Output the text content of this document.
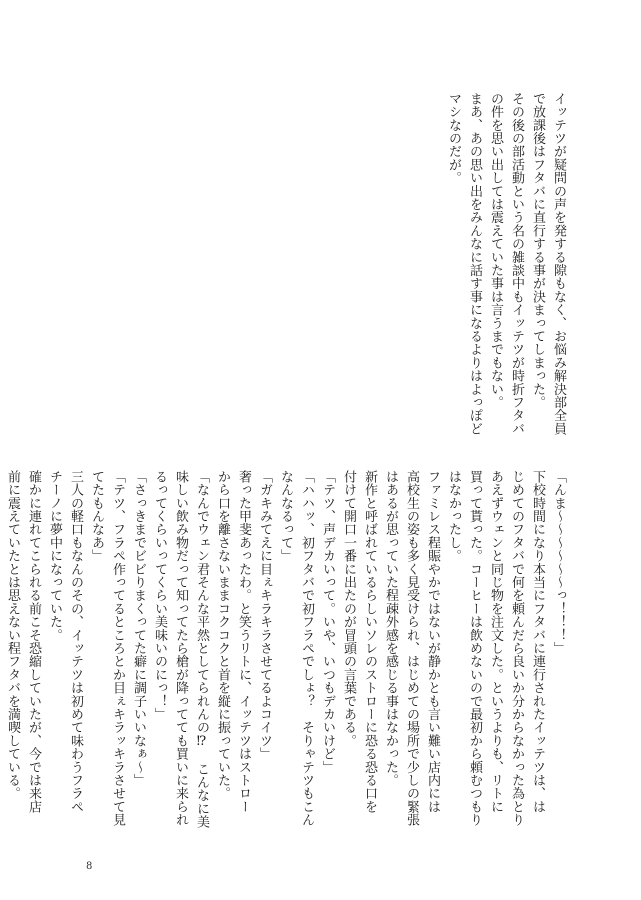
イッテツが疑問の声を発する隙もなく、お悩み解決部全員
で放課後はフタバに直行する事が決まってしまった。
その後の部活動という名の雑談中もイッテツが時折フタバ
の件を思い出しては震えていた事は言うまでもない。
まあ、あの思い出をみんなに話す事になるよりはよっぽど
マシなのだが。
「んま〜〜〜〜〜〜っ！！！」
下校時間になり本当にフタバに連行されたイッテツは、は
じめてのフタバで何を頼んだら良いか分からなかった為とり
あえずウェンと同じ物を注文した。というよりも、リトに
買って貰った。コーヒーは飲めないので最初から頼むつもり
はなかったし。
ファミレス程賑やかではないが静かとも言い難い店内には
高校生の姿も多く見受けられ、はじめての場所で少しの緊張
はあるが思っていた程疎外感を感じる事はなかった。
新作と呼ばれているらしいソレのストローに恐る恐る口を
付けて開口一番に出たのが冒頭の言葉である。
「テツ、声デカいって。いや、いつもデカいけど」
「ハハッ、初フタバで初フラペでしょ？　そりゃテツもこん
なんなるって」
「ガキみてえに目ぇキラキラさせてるよコイツ」
奢った甲斐あったわ。と笑うリトに、イッテツはストロー
から口を離さないままコクコクと首を縦に振っていた。
「なんでウェン君そんな平然としてられんの⁉　こんなに美
味しい飲み物だって知ってたら槍が降ってても買いに来られ
るってくらいってくらい美味いのにっ！」
「さっきまでビビりまくってた癖に調子いいなぁ〜」
「テツ、フラペ作ってるところとか目ぇキラッキラさせて見
てたもんなあ」
三人の軽口もなんのその、イッテツは初めて味わうフラペ
チーノに夢中になっていた。
確かに連れてこられる前こそ恐縮していたが、今では来店
前に震えていたとは思えない程フタバを満喫している。
8
